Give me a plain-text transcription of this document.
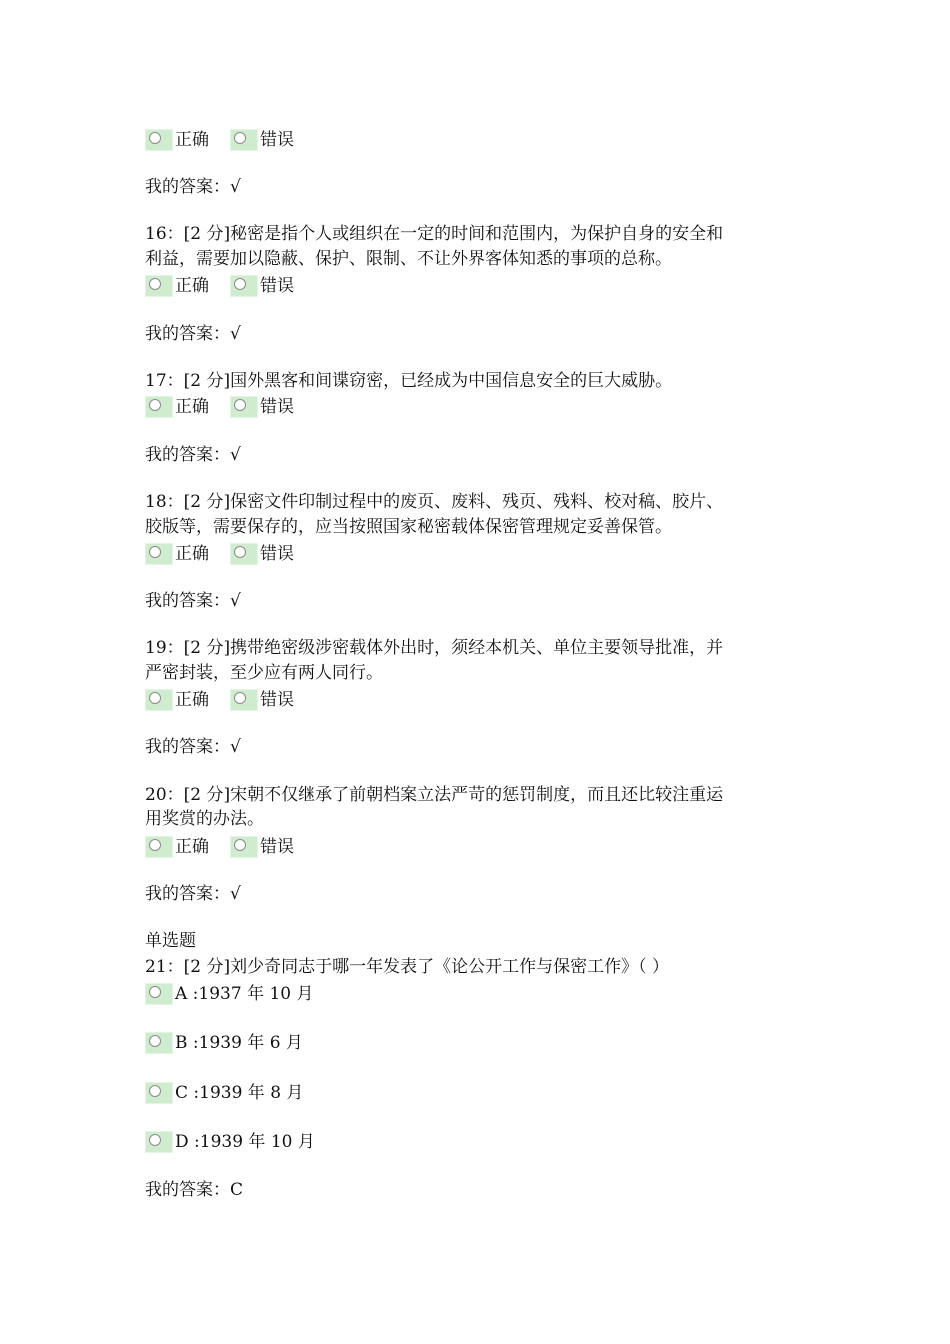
正确	错误
我的答案：√
16：[2 分]秘密是指个人或组织在一定的时间和范围内，为保护自身的安全和
利益，需要加以隐蔽、保护、限制、不让外界客体知悉的事项的总称。
正确	错误
我的答案：√
17：[2 分]国外黑客和间谍窃密，已经成为中国信息安全的巨大威胁。
正确	错误
我的答案：√
18：[2 分]保密文件印制过程中的废页、废料、残页、残料、校对稿、胶片、
胶版等，需要保存的，应当按照国家秘密载体保密管理规定妥善保管。
正确	错误
我的答案：√
19：[2 分]携带绝密级涉密载体外出时，须经本机关、单位主要领导批准，并
严密封装，至少应有两人同行。
正确	错误
我的答案：√
20：[2 分]宋朝不仅继承了前朝档案立法严苛的惩罚制度，而且还比较注重运
用奖赏的办法。
正确	错误
我的答案：√
单选题
21：[2 分]刘少奇同志于哪一年发表了《论公开工作与保密工作》（ ）
A :1937 年 10 月
B :1939 年 6 月
C :1939 年 8 月
D :1939 年 10 月
我的答案：C
